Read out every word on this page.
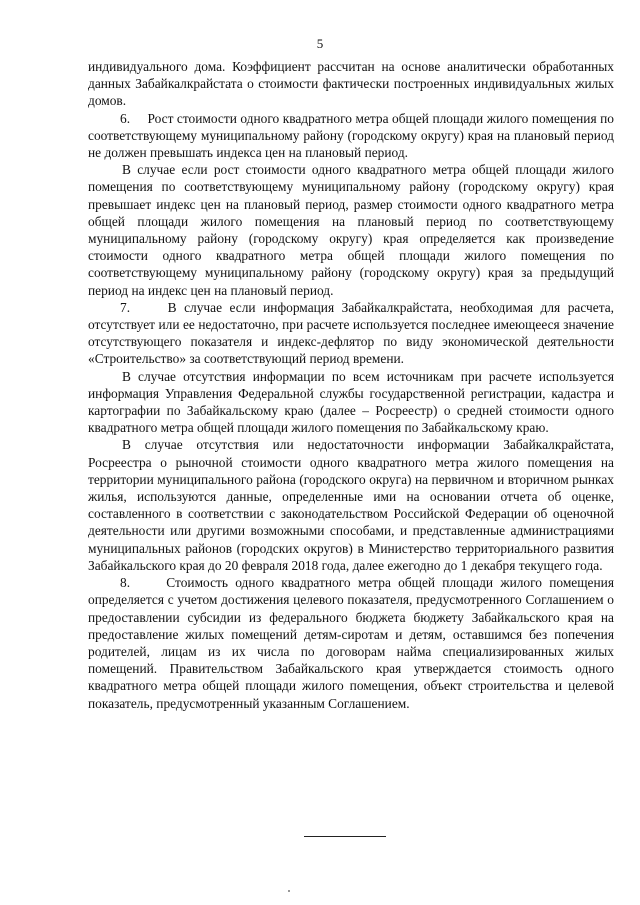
5

индивидуального дома. Коэффициент рассчитан на основе аналитически обработанных данных Забайкалкрайстата о стоимости фактически построенных индивидуальных жилых домов.

6.     Рост стоимости одного квадратного метра общей площади жилого помещения по соответствующему муниципальному району (городскому округу) края на плановый период не должен превышать индекса цен на плановый период.

В случае если рост стоимости одного квадратного метра общей площади жилого помещения по соответствующему муниципальному району (городскому округу) края превышает индекс цен на плановый период, размер стоимости одного квадратного метра общей площади жилого помещения на плановый период по соответствующему муниципальному району (городскому округу) края определяется как произведение стоимости одного квадратного метра общей площади жилого помещения по соответствующему муниципальному району (городскому округу) края за предыдущий период на индекс цен на плановый период.

7.     В случае если информация Забайкалкрайстата, необходимая для расчета, отсутствует или ее недостаточно, при расчете используется последнее имеющееся значение отсутствующего показателя и индекс-дефлятор по виду экономической деятельности «Строительство» за соответствующий период времени.

В случае отсутствия информации по всем источникам при расчете используется информация Управления Федеральной службы государственной регистрации, кадастра и картографии по Забайкальскому краю (далее – Росреестр) о средней стоимости одного квадратного метра общей площади жилого помещения по Забайкальскому краю.

В случае отсутствия или недостаточности информации Забайкалкрайстата, Росреестра о рыночной стоимости одного квадратного метра жилого помещения на территории муниципального района (городского округа) на первичном и вторичном рынках жилья, используются данные, определенные ими на основании отчета об оценке, составленного в соответствии с законодательством Российской Федерации об оценочной деятельности или другими возможными способами, и представленные администрациями муниципальных районов (городских округов) в Министерство территориального развития Забайкальского края до 20 февраля 2018 года, далее ежегодно до 1 декабря текущего года.

8.     Стоимость одного квадратного метра общей площади жилого помещения определяется с учетом достижения целевого показателя, предусмотренного Соглашением о предоставлении субсидии из федерального бюджета бюджету Забайкальского края на предоставление жилых помещений детям-сиротам и детям, оставшимся без попечения родителей, лицам из их числа по договорам найма специализированных жилых помещений. Правительством Забайкальского края утверждается стоимость одного квадратного метра общей площади жилого помещения, объект строительства и целевой показатель, предусмотренный указанным Соглашением.
